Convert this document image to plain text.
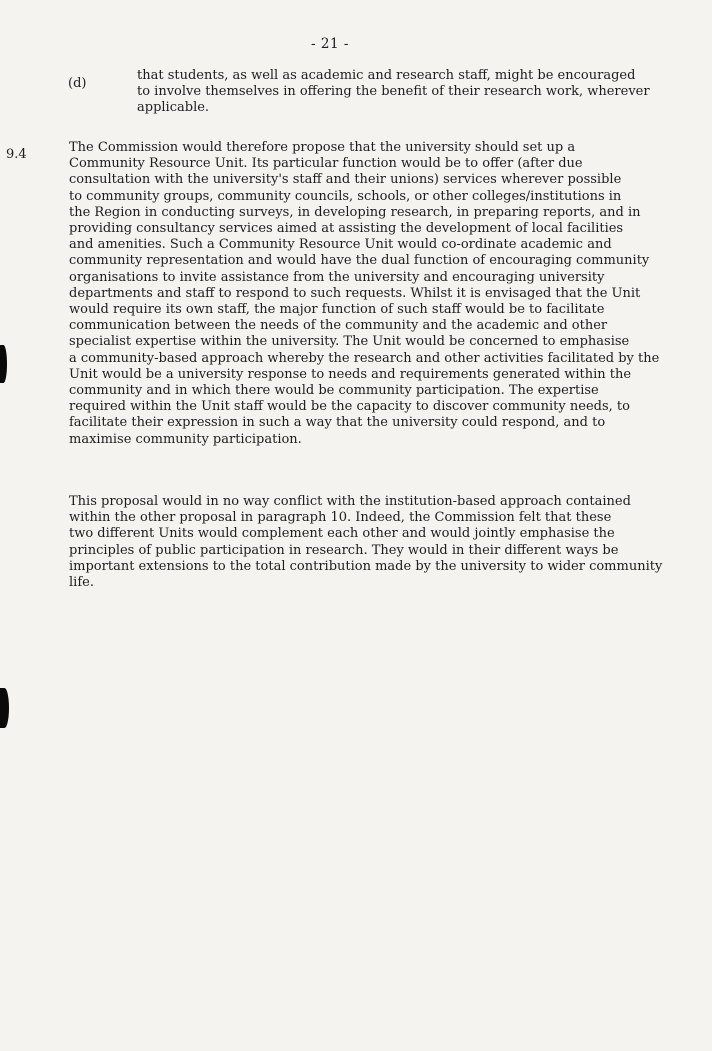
- 21 -
(d)
that students, as well as academic and research staff, might be encouraged
to involve themselves in offering the benefit of their research work, wherever
applicable.
9.4	The Commission would therefore propose that the university should set up a
Community Resource Unit. Its particular function would be to offer (after due
consultation with the university's staff and their unions) services wherever possible
to community groups, community councils, schools, or other colleges/institutions in
the Region in conducting surveys, in developing research, in preparing reports, and in
providing consultancy services aimed at assisting the development of local facilities
and amenities. Such a Community Resource Unit would co-ordinate academic and
community representation and would have the dual function of encouraging community
organisations to invite assistance from the university and encouraging university
departments and staff to respond to such requests. Whilst it is envisaged that the Unit
would require its own staff, the major function of such staff would be to facilitate
communication between the needs of the community and the academic and other
specialist expertise within the university. The Unit would be concerned to emphasise
a community-based approach whereby the research and other activities facilitated by the
Unit would be a university response to needs and requirements generated within the
community and in which there would be community participation. The expertise
required within the Unit staff would be the capacity to discover community needs, to
facilitate their expression in such a way that the university could respond, and to
maximise community participation.
This proposal would in no way conflict with the institution-based approach contained
within the other proposal in paragraph 10. Indeed, the Commission felt that these
two different Units would complement each other and would jointly emphasise the
principles of public participation in research. They would in their different ways be
important extensions to the total contribution made by the university to wider community
life.
